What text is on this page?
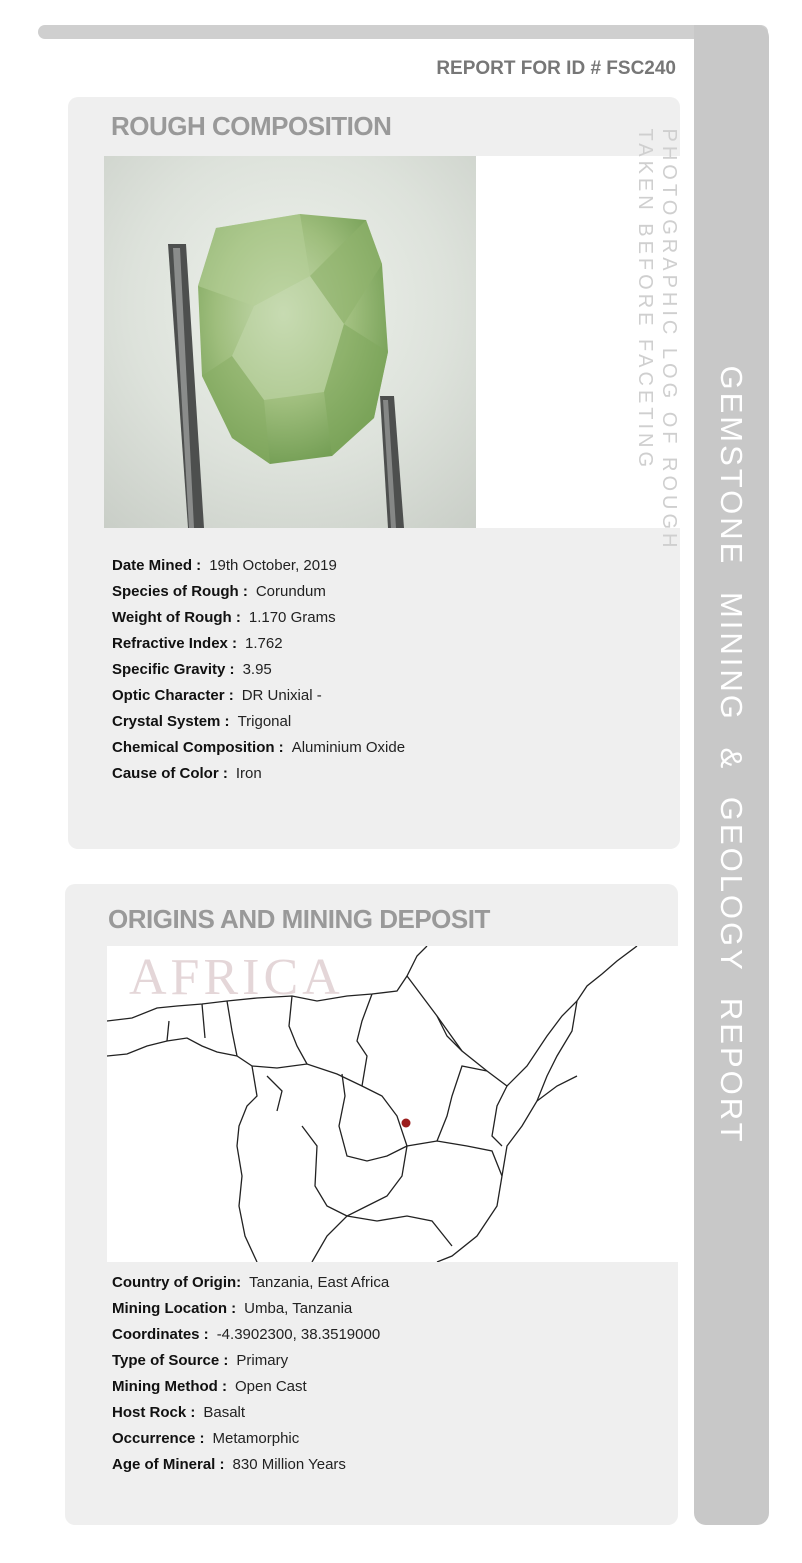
GEMSTONE MINING & GEOLOGY REPORT
REPORT FOR ID # FSC240
ROUGH COMPOSITION
PHOTOGRAPHIC LOG OF ROUGH
TAKEN BEFORE FACETING
Date Mined : 19th October, 2019
Species of Rough : Corundum
Weight of Rough : 1.170 Grams
Refractive Index : 1.762
Specific Gravity : 3.95
Optic Character : DR Unixial -
Crystal System : Trigonal
Chemical Composition : Aluminium Oxide
Cause of Color : Iron
ORIGINS AND MINING DEPOSIT
AFRICA
Country of Origin: Tanzania, East Africa
Mining Location : Umba, Tanzania
Coordinates : -4.3902300, 38.3519000
Type of Source : Primary
Mining Method : Open Cast
Host Rock : Basalt
Occurrence : Metamorphic
Age of Mineral : 830 Million Years
